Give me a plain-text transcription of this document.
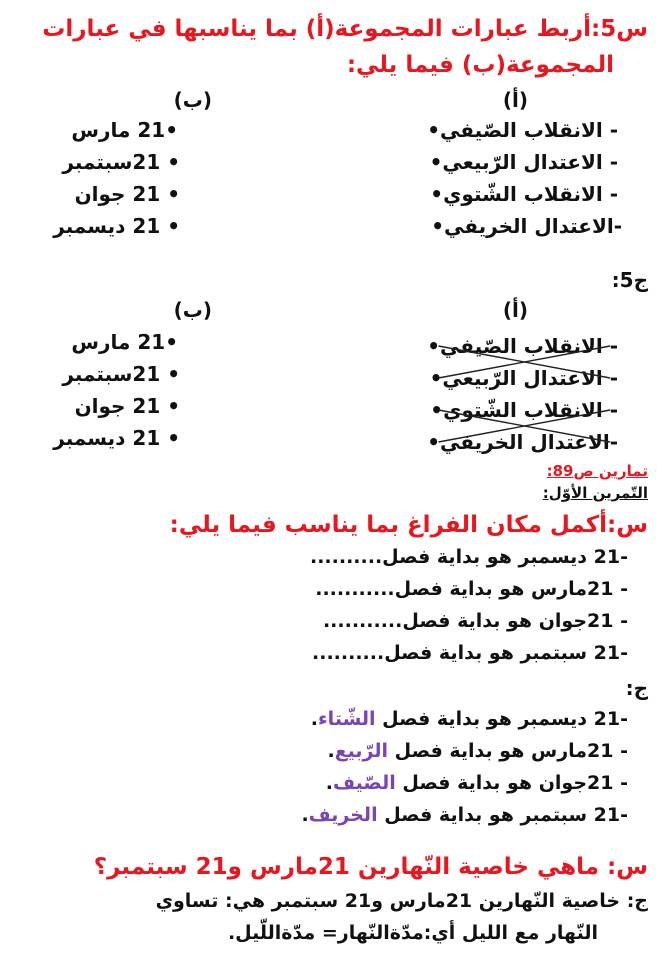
س5:أربط عبارات المجموعة(أ) بما يناسبها في عبارات
المجموعة(ب) فيما يلي:
(أ)
(ب)
- الانقلاب الصّيفي•
- الاعتدال الرّبيعي•
- الانقلاب الشّتوي•
-الاعتدال الخريفي•
•21 مارس
• 21سبتمبر
• 21 جوان
• 21 ديسمبر
ج5:
(أ)
(ب)
- الانقلاب الصّيفي•
- الاعتدال الرّبيعي•
- الانقلاب الشّتوي•
-الاعتدال الخريفي•
•21 مارس
• 21سبتمبر
• 21 جوان
• 21 ديسمبر
تمارين ص89:
التّمرين الأوّل:
س:أكمل مكان الفراغ بما يناسب فيما يلي:
-21 ديسمبر هو بداية فصل..........
- 21مارس هو بداية فصل...........
- 21جوان هو بداية فصل...........
-21 سبتمبر هو بداية فصل..........
ج:
-21 ديسمبر هو بداية فصل الشّتاء.
- 21مارس هو بداية فصل الرّبيع.
- 21جوان هو بداية فصل الصّيف.
-21 سبتمبر هو بداية فصل الخريف.
س: ماهي خاصية النّهارين 21مارس و21 سبتمبر؟
ج: خاصية النّهارين 21مارس و21 سبتمبر هي: تساوي
النّهار مع الليل أي:مدّةالنّهار= مدّةاللّيل.
